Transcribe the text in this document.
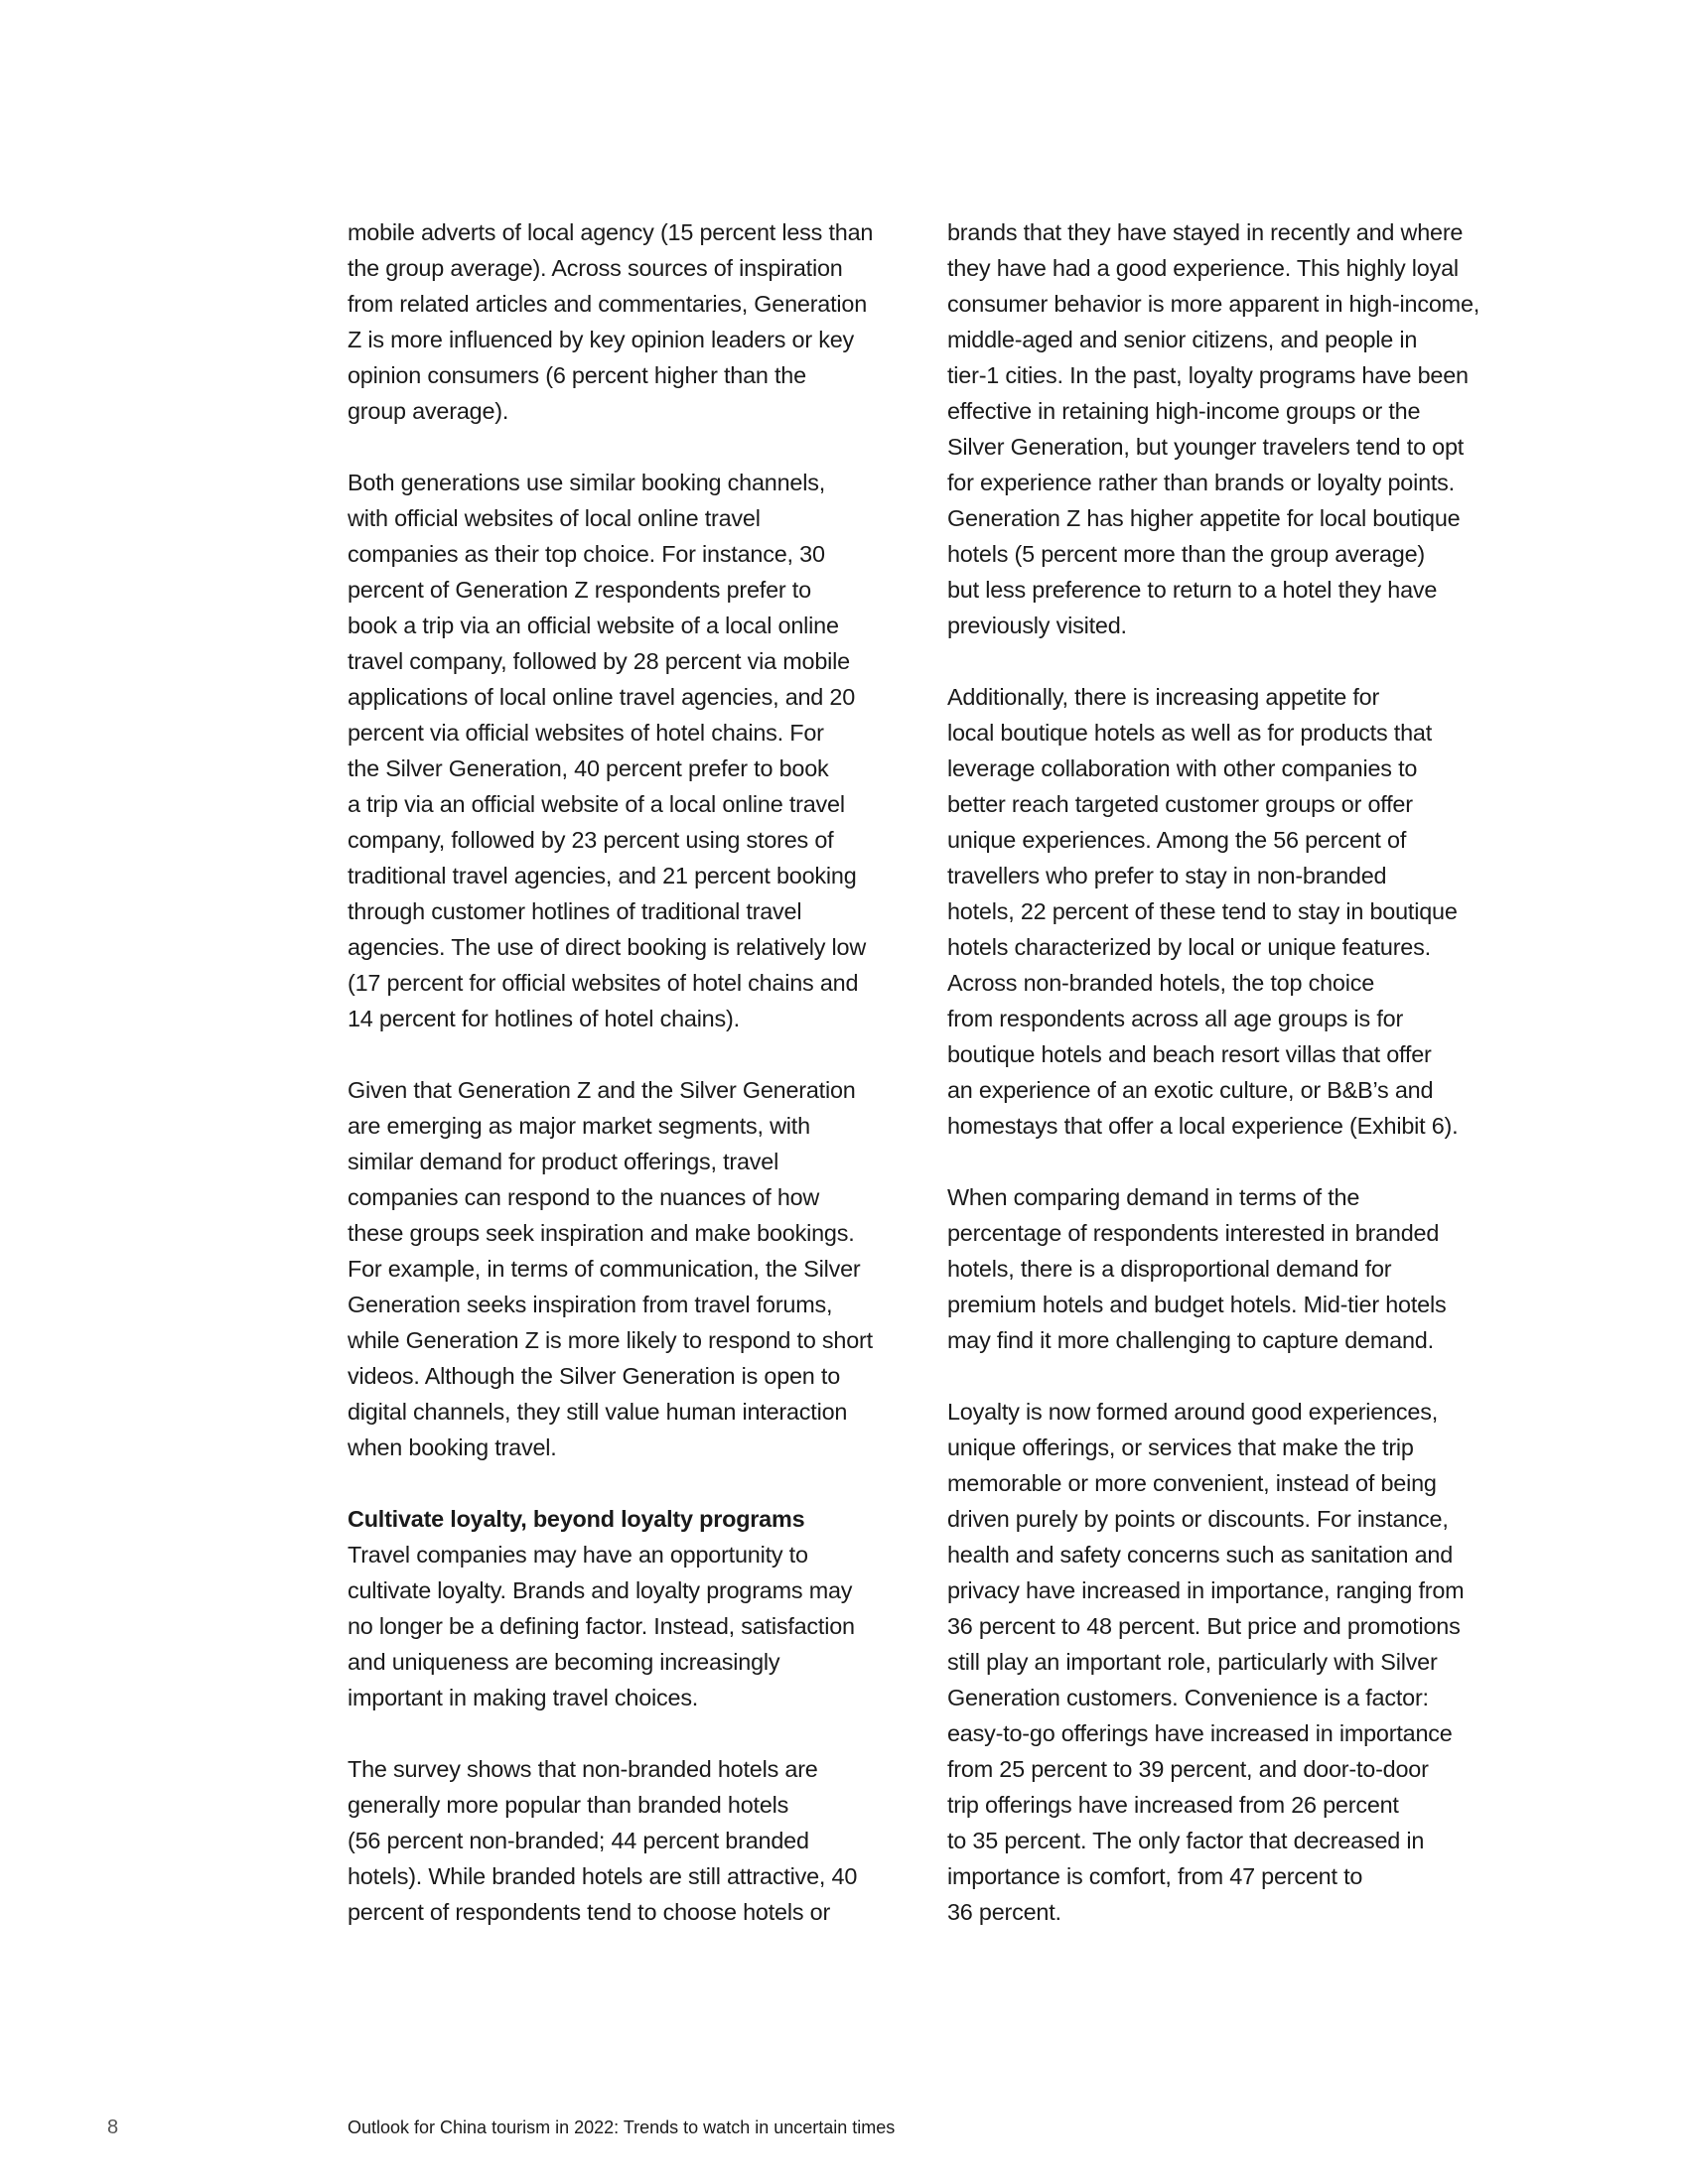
mobile adverts of local agency (15 percent less than
the group average). Across sources of inspiration
from related articles and commentaries, Generation
Z is more influenced by key opinion leaders or key
opinion consumers (6 percent higher than the
group average).
Both generations use similar booking channels,
with official websites of local online travel
companies as their top choice. For instance, 30
percent of Generation Z respondents prefer to
book a trip via an official website of a local online
travel company, followed by 28 percent via mobile
applications of local online travel agencies, and 20
percent via official websites of hotel chains. For
the Silver Generation, 40 percent prefer to book
a trip via an official website of a local online travel
company, followed by 23 percent using stores of
traditional travel agencies, and 21 percent booking
through customer hotlines of traditional travel
agencies. The use of direct booking is relatively low
(17 percent for official websites of hotel chains and
14 percent for hotlines of hotel chains).
Given that Generation Z and the Silver Generation
are emerging as major market segments, with
similar demand for product offerings, travel
companies can respond to the nuances of how
these groups seek inspiration and make bookings.
For example, in terms of communication, the Silver
Generation seeks inspiration from travel forums,
while Generation Z is more likely to respond to short
videos. Although the Silver Generation is open to
digital channels, they still value human interaction
when booking travel.
Cultivate loyalty, beyond loyalty programs
Travel companies may have an opportunity to
cultivate loyalty. Brands and loyalty programs may
no longer be a defining factor. Instead, satisfaction
and uniqueness are becoming increasingly
important in making travel choices.
The survey shows that non-branded hotels are
generally more popular than branded hotels
(56 percent non-branded; 44 percent branded
hotels). While branded hotels are still attractive, 40
percent of respondents tend to choose hotels or
brands that they have stayed in recently and where
they have had a good experience. This highly loyal
consumer behavior is more apparent in high-income,
middle-aged and senior citizens, and people in
tier-1 cities. In the past, loyalty programs have been
effective in retaining high-income groups or the
Silver Generation, but younger travelers tend to opt
for experience rather than brands or loyalty points.
Generation Z has higher appetite for local boutique
hotels (5 percent more than the group average)
but less preference to return to a hotel they have
previously visited.
Additionally, there is increasing appetite for
local boutique hotels as well as for products that
leverage collaboration with other companies to
better reach targeted customer groups or offer
unique experiences. Among the 56 percent of
travellers who prefer to stay in non-branded
hotels, 22 percent of these tend to stay in boutique
hotels characterized by local or unique features.
Across non-branded hotels, the top choice
from respondents across all age groups is for
boutique hotels and beach resort villas that offer
an experience of an exotic culture, or B&B’s and
homestays that offer a local experience (Exhibit 6).
When comparing demand in terms of the
percentage of respondents interested in branded
hotels, there is a disproportional demand for
premium hotels and budget hotels. Mid-tier hotels
may find it more challenging to capture demand.
Loyalty is now formed around good experiences,
unique offerings, or services that make the trip
memorable or more convenient, instead of being
driven purely by points or discounts. For instance,
health and safety concerns such as sanitation and
privacy have increased in importance, ranging from
36 percent to 48 percent. But price and promotions
still play an important role, particularly with Silver
Generation customers. Convenience is a factor:
easy-to-go offerings have increased in importance
from 25 percent to 39 percent, and door-to-door
trip offerings have increased from 26 percent
to 35 percent. The only factor that decreased in
importance is comfort, from 47 percent to
36 percent.
8	Outlook for China tourism in 2022: Trends to watch in uncertain times
